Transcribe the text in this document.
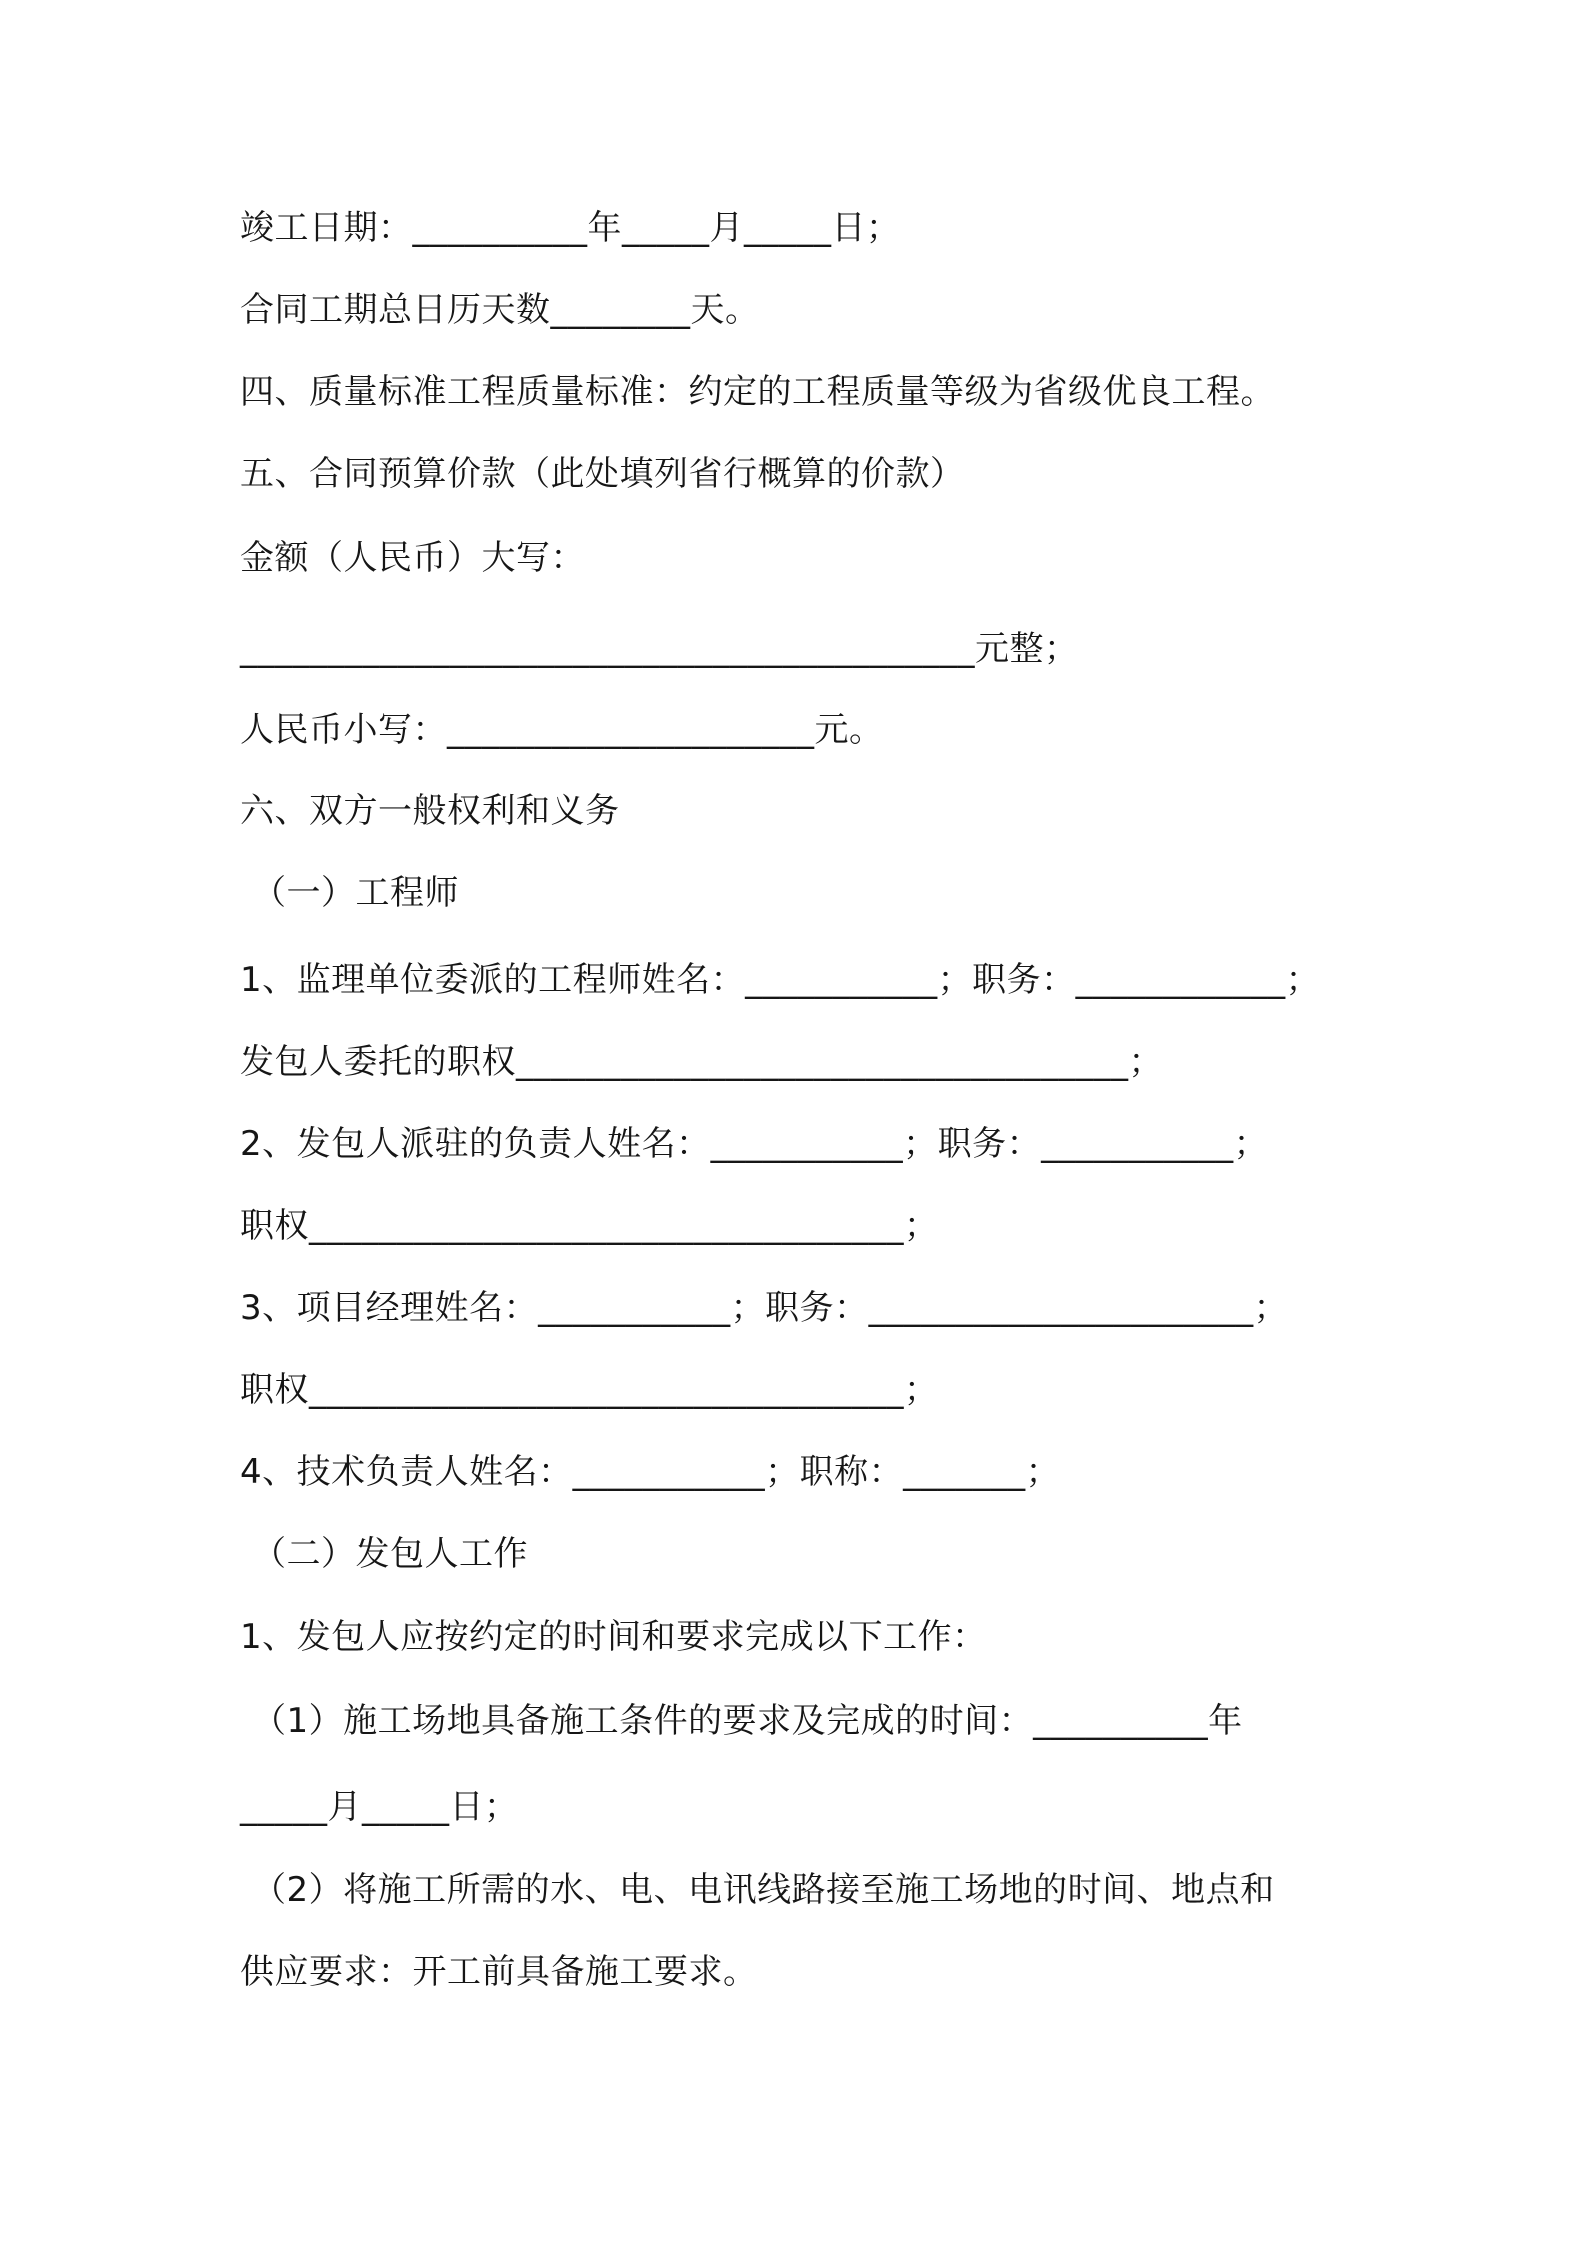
竣工日期：__________年_____月_____日；
合同工期总日历天数________天。
四、质量标准工程质量标准：约定的工程质量等级为省级优良工程。
五、合同预算价款（此处填列省行概算的价款）
金额（人民币）大写：
__________________________________________元整；
人民币小写：_____________________元。
六、双方一般权利和义务
（一）工程师
1、监理单位委派的工程师姓名：___________；职务：____________；
发包人委托的职权___________________________________；
2、发包人派驻的负责人姓名：___________；职务：___________；
职权__________________________________；
3、项目经理姓名：___________；职务：______________________；
职权__________________________________；
4、技术负责人姓名：___________；职称：_______；
（二）发包人工作
1、发包人应按约定的时间和要求完成以下工作：
（1）施工场地具备施工条件的要求及完成的时间：__________年
_____月_____日；
（2）将施工所需的水、电、电讯线路接至施工场地的时间、地点和
供应要求：开工前具备施工要求。
